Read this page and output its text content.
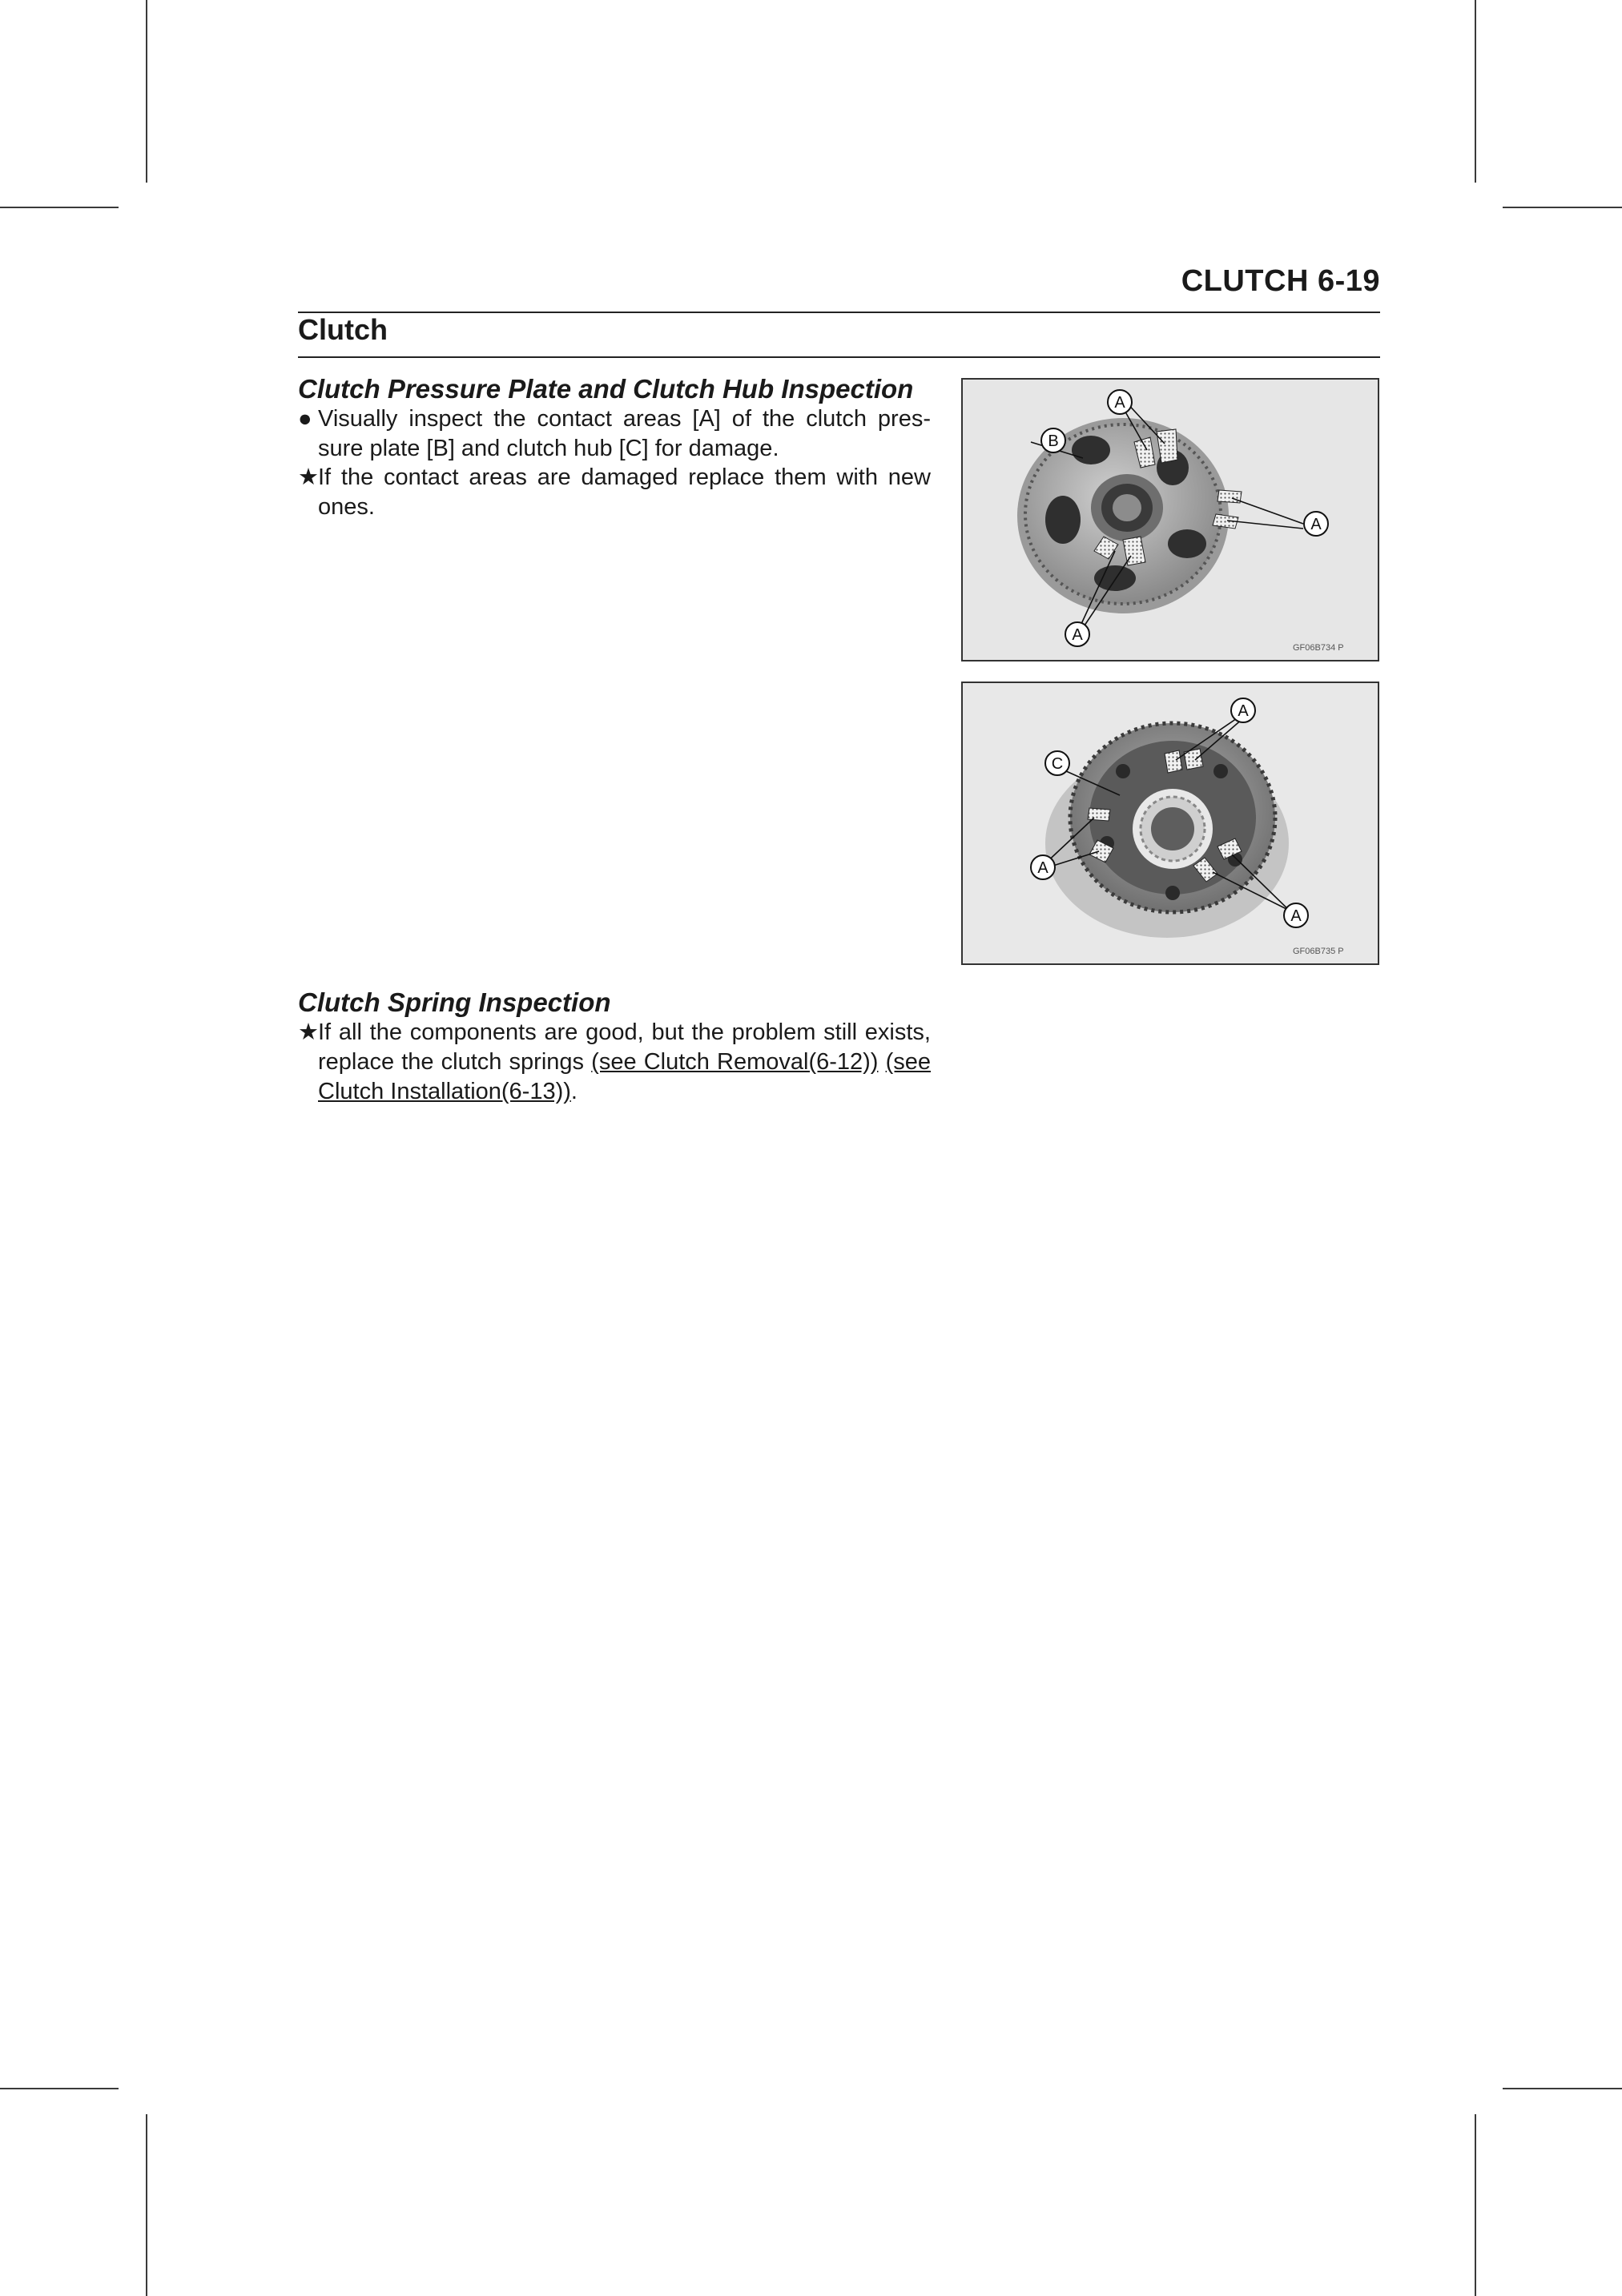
CLUTCH 6-19
Clutch
Clutch Pressure Plate and Clutch Hub Inspection
● Visually inspect the contact areas [A] of the clutch pres- sure plate [B] and clutch hub [C] for damage.
★ If the contact areas are damaged replace them with new ones.
A
B
A
A
GF06B734 P
A
C
A
A
GF06B735 P
Clutch Spring Inspection
★ If all the components are good, but the problem still exists, replace the clutch springs (see Clutch Removal(6-12)) (see Clutch Installation(6-13)).
